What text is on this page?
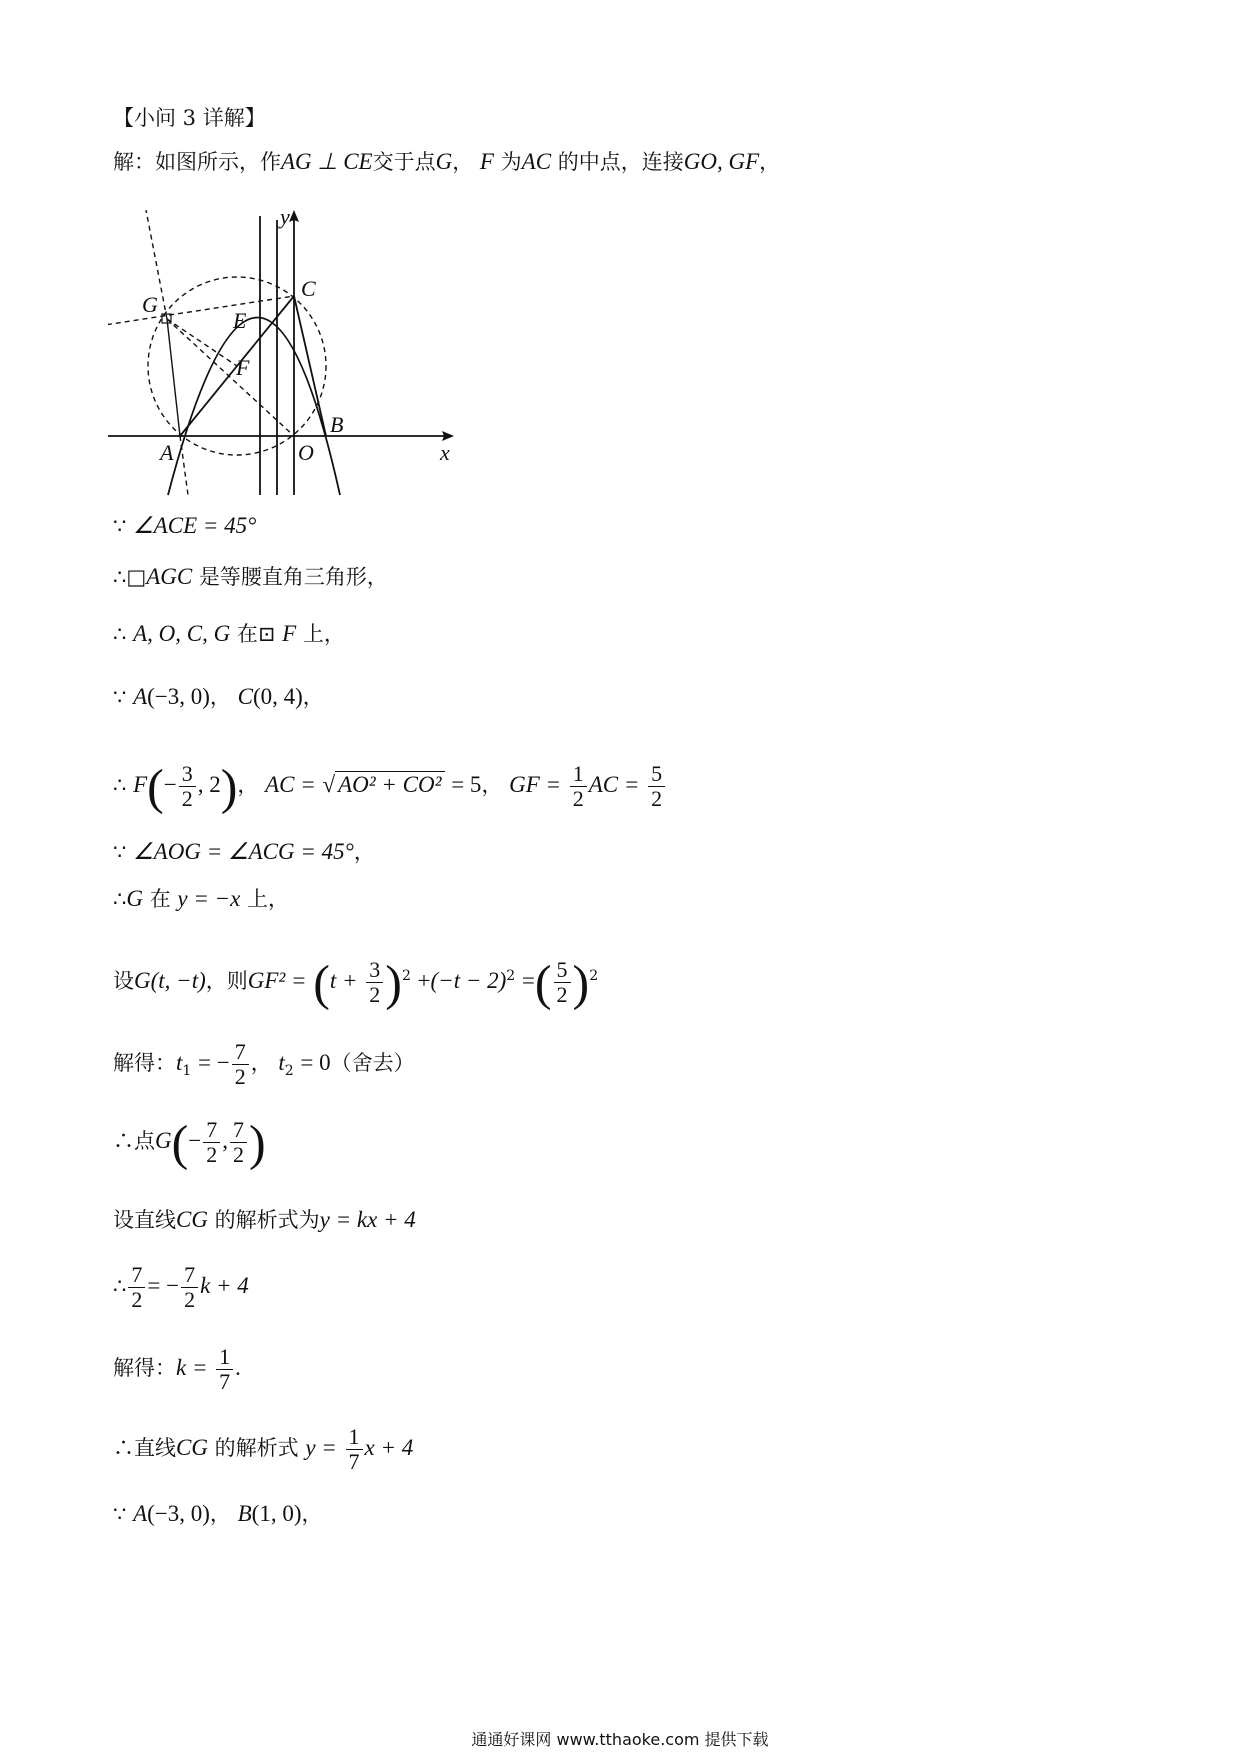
【小问 3 详解】
解：如图所示，作AG ⊥ CE交于点G， F 为AC 的中点，连接GO, GF，
y
C
G
E
F
B
A	O	x
∵ ∠ACE = 45°
∴□AGC 是等腰直角三角形，
∴ A, O, C, G 在⊡ F 上，
∵ A(−3, 0)， C(0, 4)，
∴ $F(- \frac{3}{2}$ , 2)， AC = √ AO² + CO² = 5， GF = $\frac{1}{2}$ AC = $\frac{5}{2}$
∵ ∠AOG = ∠ACG = 45°，
∴G 在 y = −x 上，
设G(t, −t)，则$GF^2 = (t + \frac{3}{2} )^2 +(-t - 2)^2$ =( $\frac{5}{2} )^2$
解得：$t_1$ = − $\frac{7}{2}$ ， $t_2 = 0$（舍去）
∴点$G(- \frac{7}{2}$ , $\frac{7}{2}$ )
设直线CG 的解析式为y = kx + 4
∴ $\frac{7}{2}$ = − $\frac{7}{2}$ k + 4
解得：$k = \frac{1}{7}$ .
∴直线CG 的解析式 $y = \frac{1}{7}$ x + 4
∵ A(−3, 0)， B(1, 0)，
通通好课网 www.tthaoke.com 提供下载
